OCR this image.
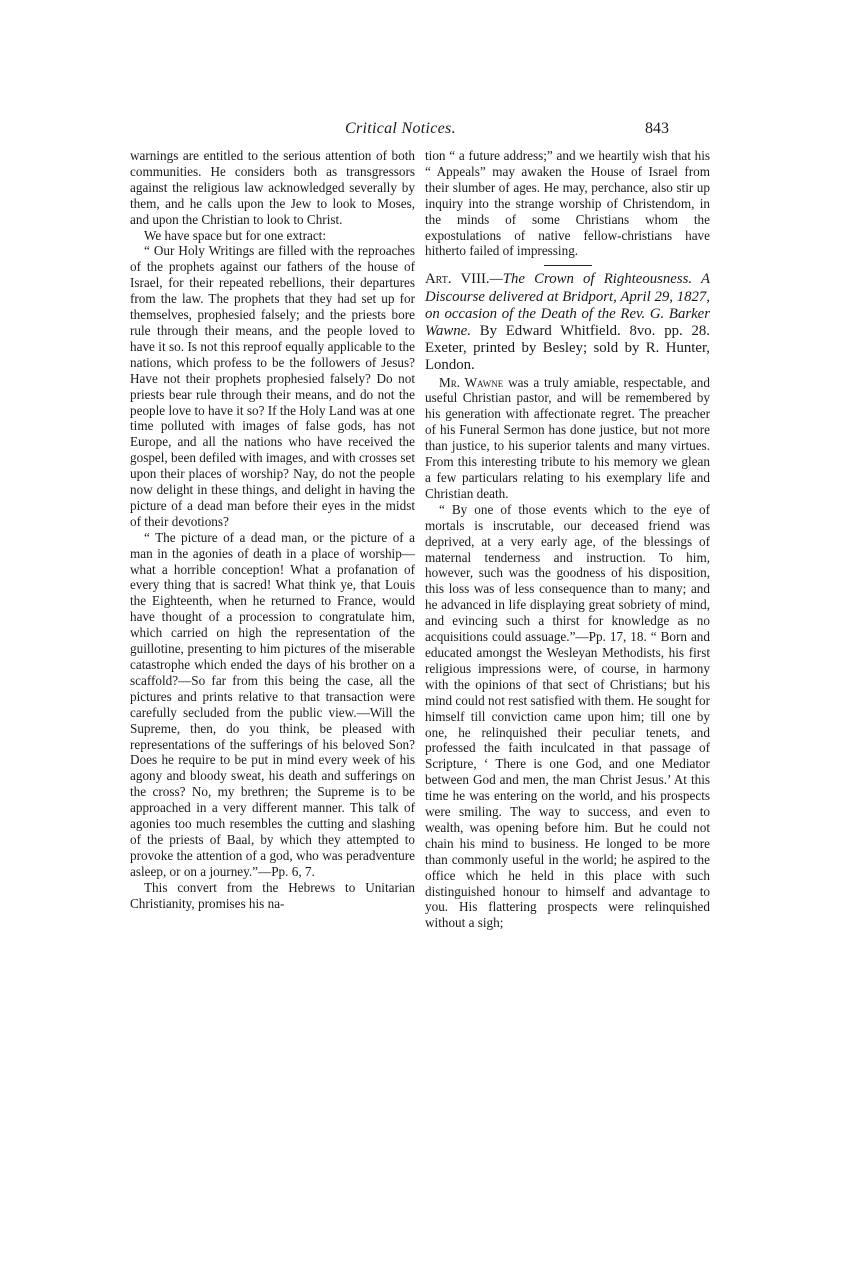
Critical Notices.	843

warnings are entitled to the serious attention of both communities. He considers both as transgressors against the religious law acknowledged severally by them, and he calls upon the Jew to look to Moses, and upon the Christian to look to Christ.

We have space but for one extract:

“ Our Holy Writings are filled with the reproaches of the prophets against our fathers of the house of Israel, for their repeated rebellions, their departures from the law. The prophets that they had set up for themselves, prophesied falsely; and the priests bore rule through their means, and the people loved to have it so. Is not this reproof equally applicable to the nations, which profess to be the followers of Jesus? Have not their prophets prophesied falsely? Do not priests bear rule through their means, and do not the people love to have it so? If the Holy Land was at one time polluted with images of false gods, has not Europe, and all the nations who have received the gospel, been defiled with images, and with crosses set upon their places of worship? Nay, do not the people now delight in these things, and delight in having the picture of a dead man before their eyes in the midst of their devotions?

“ The picture of a dead man, or the picture of a man in the agonies of death in a place of worship—what a horrible conception! What a profanation of every thing that is sacred! What think ye, that Louis the Eighteenth, when he returned to France, would have thought of a procession to congratulate him, which carried on high the representation of the guillotine, presenting to him pictures of the miserable catastrophe which ended the days of his brother on a scaffold?—So far from this being the case, all the pictures and prints relative to that transaction were carefully secluded from the public view.—Will the Supreme, then, do you think, be pleased with representations of the sufferings of his beloved Son? Does he require to be put in mind every week of his agony and bloody sweat, his death and sufferings on the cross? No, my brethren; the Supreme is to be approached in a very different manner. This talk of agonies too much resembles the cutting and slashing of the priests of Baal, by which they attempted to provoke the attention of a god, who was peradventure asleep, or on a journey.”—Pp. 6, 7.

This convert from the Hebrews to Unitarian Christianity, promises his na-

tion “ a future address;” and we heartily wish that his “ Appeals” may awaken the House of Israel from their slumber of ages. He may, perchance, also stir up inquiry into the strange worship of Christendom, in the minds of some Christians whom the expostulations of native fellow-christians have hitherto failed of impressing.

Art. VIII.—The Crown of Righteousness. A Discourse delivered at Bridport, April 29, 1827, on occasion of the Death of the Rev. G. Barker Wawne. By Edward Whitfield. 8vo. pp. 28. Exeter, printed by Besley; sold by R. Hunter, London.

Mr. Wawne was a truly amiable, respectable, and useful Christian pastor, and will be remembered by his generation with affectionate regret. The preacher of his Funeral Sermon has done justice, but not more than justice, to his superior talents and many virtues. From this interesting tribute to his memory we glean a few particulars relating to his exemplary life and Christian death.

“ By one of those events which to the eye of mortals is inscrutable, our deceased friend was deprived, at a very early age, of the blessings of maternal tenderness and instruction. To him, however, such was the goodness of his disposition, this loss was of less consequence than to many; and he advanced in life displaying great sobriety of mind, and evincing such a thirst for knowledge as no acquisitions could assuage.”—Pp. 17, 18. “ Born and educated amongst the Wesleyan Methodists, his first religious impressions were, of course, in harmony with the opinions of that sect of Christians; but his mind could not rest satisfied with them. He sought for himself till conviction came upon him; till one by one, he relinquished their peculiar tenets, and professed the faith inculcated in that passage of Scripture, ‘ There is one God, and one Mediator between God and men, the man Christ Jesus.’ At this time he was entering on the world, and his prospects were smiling. The way to success, and even to wealth, was opening before him. But he could not chain his mind to business. He longed to be more than commonly useful in the world; he aspired to the office which he held in this place with such distinguished honour to himself and advantage to you. His flattering prospects were relinquished without a sigh;
